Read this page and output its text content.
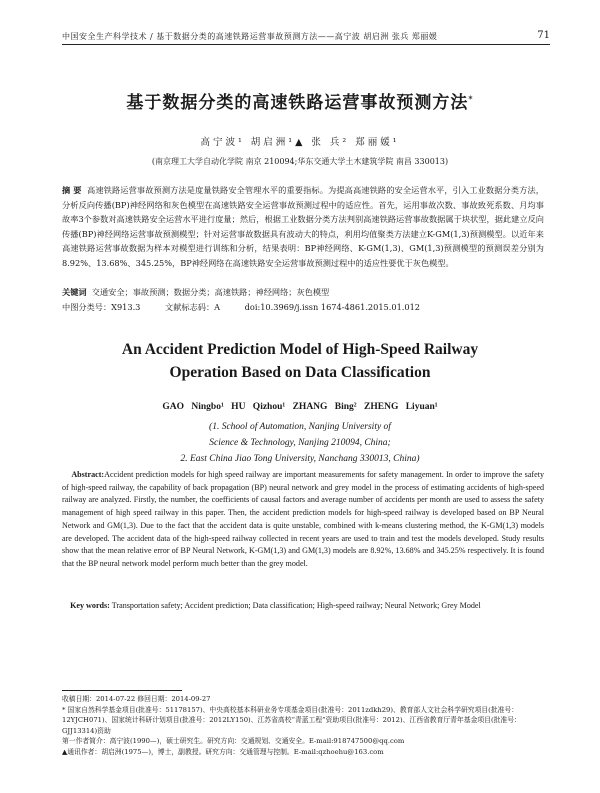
中国安全生产科学技术 / 基于数据分类的高速铁路运营事故预测方法——高宁波 胡启洲 张兵 郑丽媛	71
基于数据分类的高速铁路运营事故预测方法*
高宁波¹ 胡启洲¹▲ 张 兵² 郑丽媛¹
(南京理工大学自动化学院 南京 210094;华东交通大学土木建筑学院 南昌 330013)
摘 要 高速铁路运营事故预测方法是度量铁路安全管理水平的重要指标。为提高高速铁路的安全运营水平，引入工业数据分类方法，分析反向传播(BP)神经网络和灰色模型在高速铁路安全运营事故预测过程中的适应性。首先，运用事故次数、事故致死系数、月均事故率3个参数对高速铁路安全运营水平进行度量；然后，根据工业数据分类方法判别高速铁路运营事故数据属于块状型，据此建立反向传播(BP)神经网络运营事故预测模型；针对运营事故数据具有波动大的特点，利用均值聚类方法建立K-GM(1,3)预测模型。以近年来高速铁路运营事故数据为样本对模型进行训练和分析，结果表明：BP神经网络、K-GM(1,3)、GM(1,3)预测模型的预测误差分别为8.92%、13.68%、345.25%，BP神经网络在高速铁路安全运营事故预测过程中的适应性要优于灰色模型。
关键词 交通安全；事故预测；数据分类；高速铁路；神经网络；灰色模型
中图分类号：X913.3	文献标志码：A	doi:10.3969/j.issn 1674-4861.2015.01.012
An Accident Prediction Model of High-Speed Railway
Operation Based on Data Classification
GAO Ningbo¹ HU Qizhou¹ ZHANG Bing² ZHENG Liyuan¹
(1. School of Automation, Nanjing University of
Science & Technology, Nanjing 210094, China;
2. East China Jiao Tong University, Nanchang 330013, China)
Abstract:Accident prediction models for high speed railway are important measurements for safety management. In order to improve the safety of high-speed railway, the capability of back propagation (BP) neural network and grey model in the process of estimating accidents of high-speed railway are analyzed. Firstly, the number, the coefficients of causal factors and average number of accidents per month are used to assess the safety management of high speed railway in this paper. Then, the accident prediction models for high-speed railway is developed based on BP Neural Network and GM(1,3). Due to the fact that the accident data is quite unstable, combined with k-means clustering method, the K-GM(1,3) models are developed. The accident data of the high-speed railway collected in recent years are used to train and test the models developed. Study results show that the mean relative error of BP Neural Network, K-GM(1,3) and GM(1,3) models are 8.92%, 13.68% and 345.25% respectively. It is found that the BP neural network model perform much better than the grey model.
Key words: Transportation safety; Accident prediction; Data classification; High-speed railway; Neural Network; Grey Model
收稿日期：2014-07-22 修回日期：2014-09-27
* 国家自然科学基金项目(批准号：51178157)、中央高校基本科研业务专项基金项目(批准号：2011zdkh29)、教育部人文社会科学研究项目(批准号：12YJCH071)、国家统计科研计划项目(批准号：2012LY150)、江苏省高校“青蓝工程”资助项目(批准号：2012)、江西省教育厅青年基金项目(批准号：GJJ13314)资助
第一作者简介：高宁波(1990—)，硕士研究生。研究方向：交通规划、交通安全。E-mail:918747500@qq.com
▲通讯作者：胡启洲(1975—)，博士，副教授。研究方向：交通管理与控制。E-mail:qzhoehu@163.com
